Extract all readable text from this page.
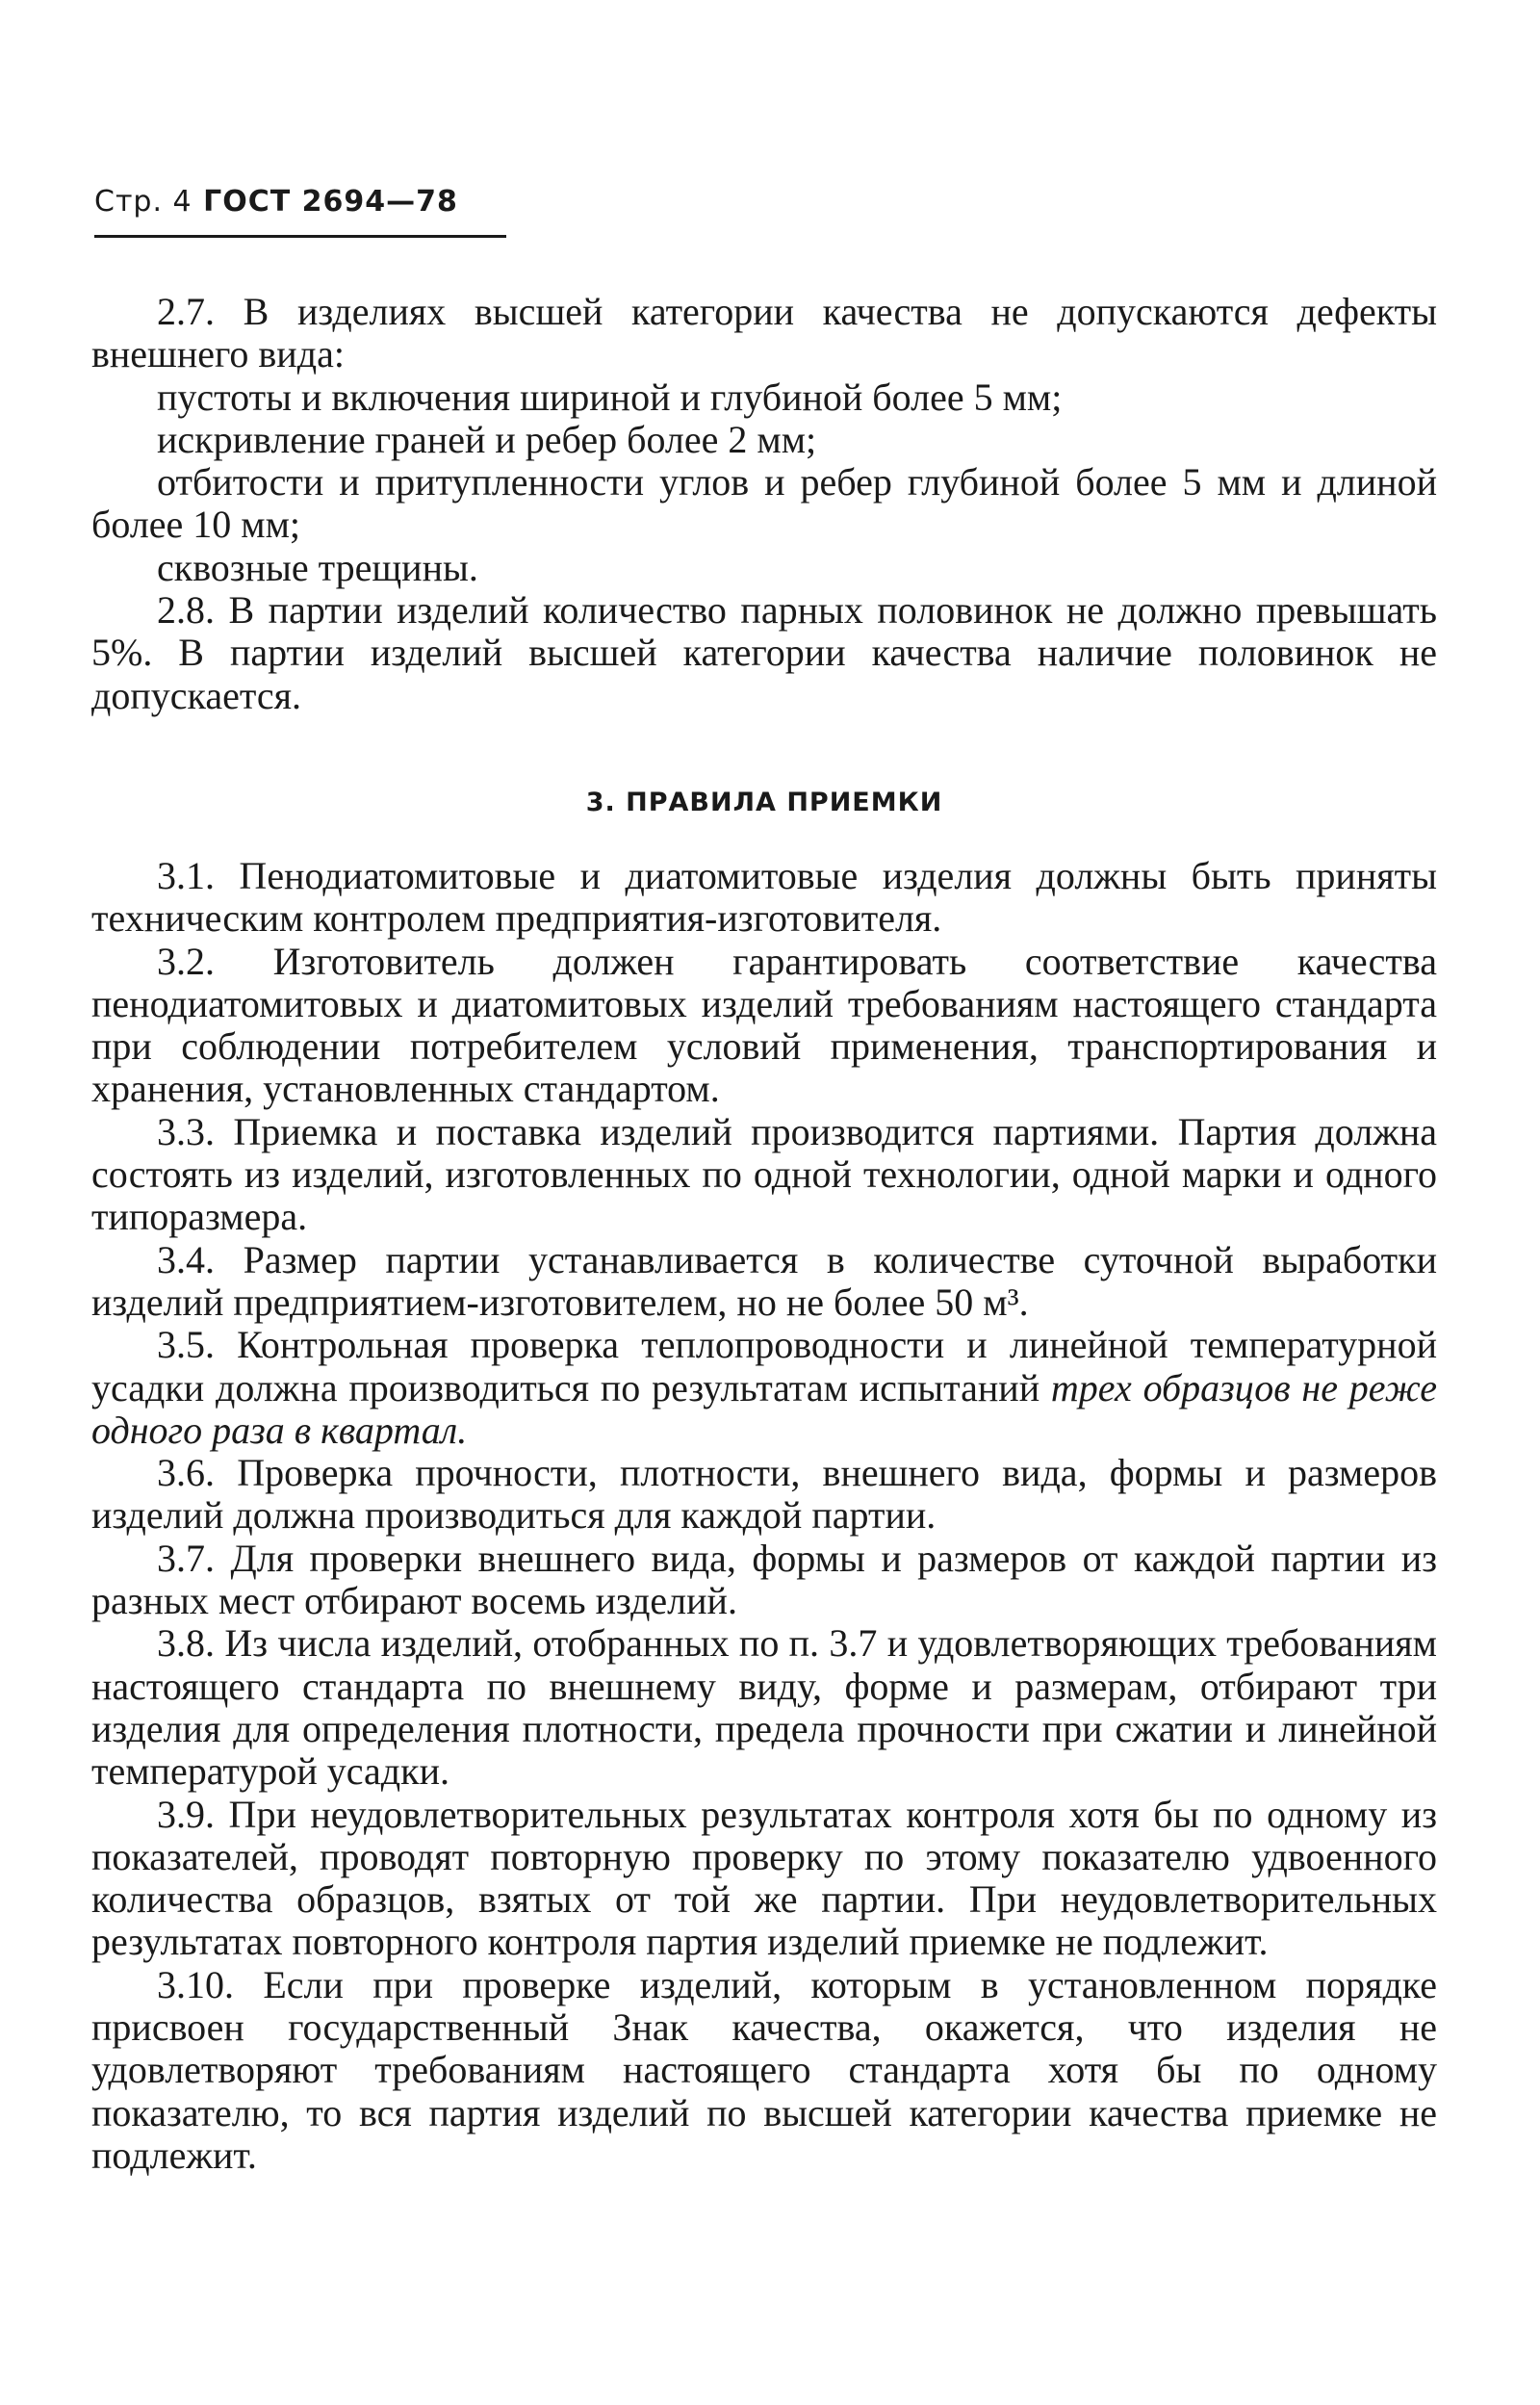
Стр. 4 ГОСТ 2694—78

2.7. В изделиях высшей категории качества не допускаются дефекты внешнего вида:

пустоты и включения шириной и глубиной более 5 мм;

искривление граней и ребер более 2 мм;

отбитости и притупленности углов и ребер глубиной более 5 мм и длиной более 10 мм;

сквозные трещины.

2.8. В партии изделий количество парных половинок не должно превышать 5%. В партии изделий высшей категории качества наличие половинок не допускается.

3. ПРАВИЛА ПРИЕМКИ

3.1. Пенодиатомитовые и диатомитовые изделия должны быть приняты техническим контролем предприятия-изготовителя.

3.2. Изготовитель должен гарантировать соответствие качества пенодиатомитовых и диатомитовых изделий требованиям настоящего стандарта при соблюдении потребителем условий применения, транспортирования и хранения, установленных стандартом.

3.3. Приемка и поставка изделий производится партиями. Партия должна состоять из изделий, изготовленных по одной технологии, одной марки и одного типоразмера.

3.4. Размер партии устанавливается в количестве суточной выработки изделий предприятием-изготовителем, но не более 50 м³.

3.5. Контрольная проверка теплопроводности и линейной температурной усадки должна производиться по результатам испытаний трех образцов не реже одного раза в квартал.

3.6. Проверка прочности, плотности, внешнего вида, формы и размеров изделий должна производиться для каждой партии.

3.7. Для проверки внешнего вида, формы и размеров от каждой партии из разных мест отбирают восемь изделий.

3.8. Из числа изделий, отобранных по п. 3.7 и удовлетворяющих требованиям настоящего стандарта по внешнему виду, форме и размерам, отбирают три изделия для определения плотности, предела прочности при сжатии и линейной температурой усадки.

3.9. При неудовлетворительных результатах контроля хотя бы по одному из показателей, проводят повторную проверку по этому показателю удвоенного количества образцов, взятых от той же партии. При неудовлетворительных результатах повторного контроля партия изделий приемке не подлежит.

3.10. Если при проверке изделий, которым в установленном порядке присвоен государственный Знак качества, окажется, что изделия не удовлетворяют требованиям настоящего стандарта хотя бы по одному показателю, то вся партия изделий по высшей категории качества приемке не подлежит.
